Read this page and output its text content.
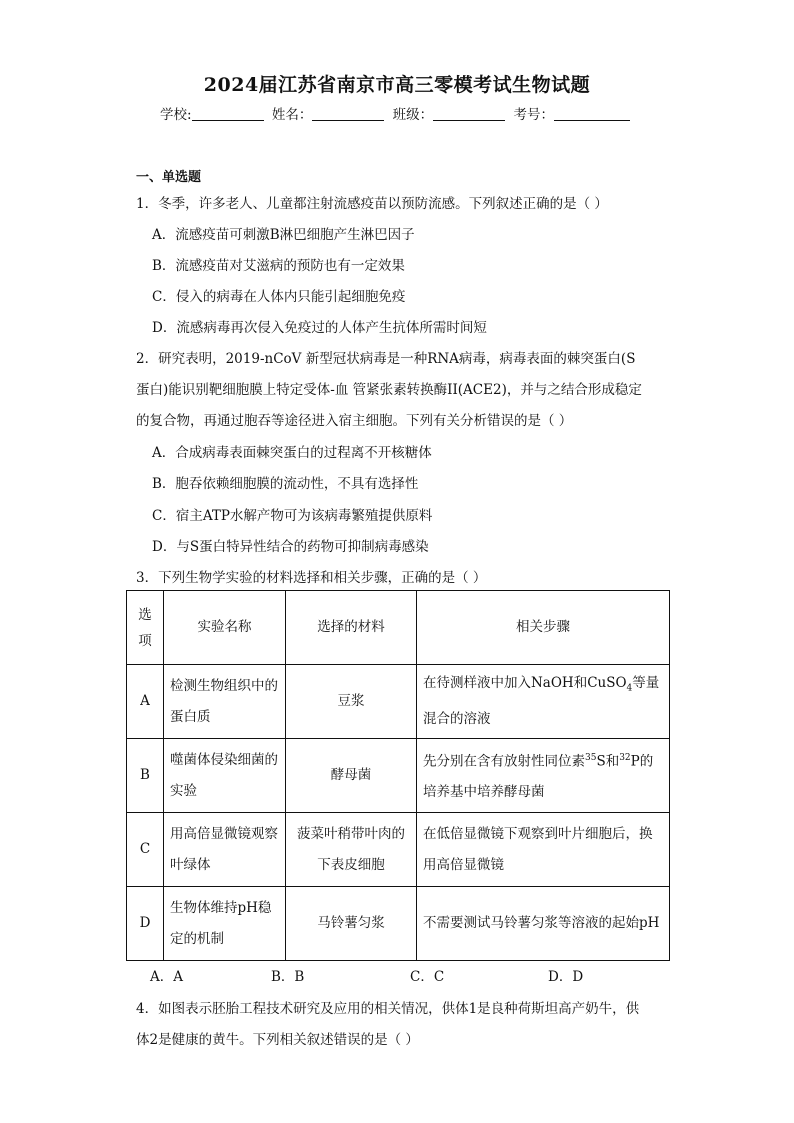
2024届江苏省南京市高三零模考试生物试题
学校:	姓名：	班级：	考号：
一、单选题
1．冬季，许多老人、儿童都注射流感疫苗以预防流感。下列叙述正确的是（ ）
A．流感疫苗可刺激B淋巴细胞产生淋巴因子
B．流感疫苗对艾滋病的预防也有一定效果
C．侵入的病毒在人体内只能引起细胞免疫
D．流感病毒再次侵入免疫过的人体产生抗体所需时间短
2．研究表明，2019-nCoV 新型冠状病毒是一种RNA病毒，病毒表面的棘突蛋白(S
蛋白)能识别靶细胞膜上特定受体-血 管紧张素转换酶II(ACE2)，并与之结合形成稳定
的复合物，再通过胞吞等途径进入宿主细胞。下列有关分析错误的是（ ）
A．合成病毒表面棘突蛋白的过程离不开核糖体
B．胞吞依赖细胞膜的流动性，不具有选择性
C．宿主ATP水解产物可为该病毒繁殖提供原料
D．与S蛋白特异性结合的药物可抑制病毒感染
3．下列生物学实验的材料选择和相关步骤，正确的是（ ）
选项	实验名称	选择的材料	相关步骤
A	检测生物组织中的蛋白质	豆浆	在待测样液中加入NaOH和CuSO$_4$等量混合的溶液
B	噬菌体侵染细菌的实验	酵母菌	先分别在含有放射性同位素$^{35}$S和$^{32}$P的培养基中培养酵母菌
C	用高倍显微镜观察叶绿体	菠菜叶稍带叶肉的下表皮细胞	在低倍显微镜下观察到叶片细胞后，换用高倍显微镜
D	生物体维持pH稳定的机制	马铃薯匀浆	不需要测试马铃薯匀浆等溶液的起始pH
A．A	B．B	C．C	D．D
4．如图表示胚胎工程技术研究及应用的相关情况，供体1是良种荷斯坦高产奶牛，供
体2是健康的黄牛。下列相关叙述错误的是（ ）
